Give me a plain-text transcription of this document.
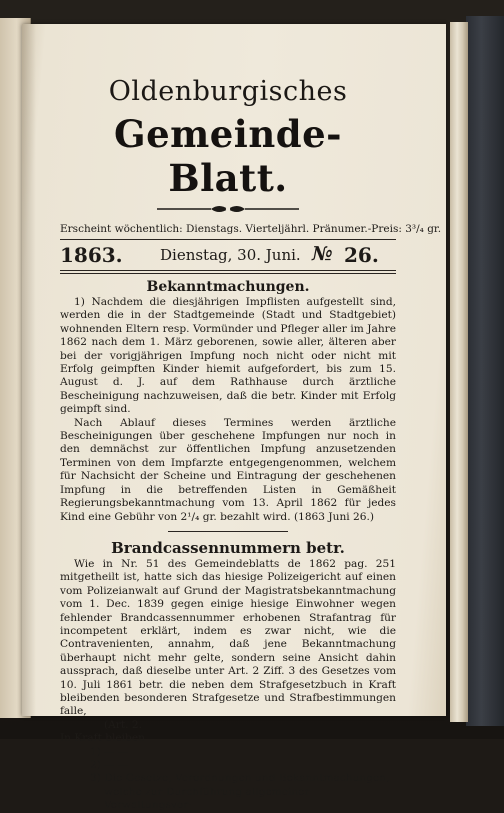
Oldenburgisches
Gemeinde-Blatt.
Erscheint wöchentlich: Dienstags. Vierteljährl. Pränumer.-Preis: 3³/₄ gr.
1863. Dienstag, 30. Juni. № 26.
Bekanntmachungen.

1) Nachdem die diesjährigen Impflisten aufgestellt sind, werden die in der Stadtgemeinde (Stadt und Stadtgebiet) wohnenden Eltern resp. Vormünder und Pfleger aller im Jahre 1862 nach dem 1. März geborenen, sowie aller, älteren aber bei der vorigjährigen Impfung noch nicht oder nicht mit Erfolg geimpften Kinder hiemit aufgefordert, bis zum 15. August d. J. auf dem Rathhause durch ärztliche Bescheinigung nachzuweisen, daß die betr. Kinder mit Erfolg geimpft sind.

Nach Ablauf dieses Termines werden ärztliche Bescheinigungen über geschehene Impfungen nur noch in den demnächst zur öffentlichen Impfung anzusetzenden Terminen von dem Impfarzte entgegengenommen, welchem für Nachsicht der Scheine und Eintragung der geschehenen Impfung in die betreffenden Listen in Gemäßheit Regierungsbekanntmachung vom 13. April 1862 für jedes Kind eine Gebühr von 2¹/₄ gr. bezahlt wird. (1863 Juni 26.)

Brandcassennummern betr.

Wie in Nr. 51 des Gemeindeblatts de 1862 pag. 251 mitgetheilt ist, hatte sich das hiesige Polizeigericht auf einen vom Polizeianwalt auf Grund der Magistratsbekanntmachung vom 1. Dec. 1839 gegen einige hiesige Einwohner wegen fehlender Brandcassennummer erhobenen Strafantrag für incompetent erklärt, indem es zwar nicht, wie die Contravenienten, annahm, daß jene Bekanntmachung überhaupt nicht mehr gelte, sondern seine Ansicht dahin aussprach, daß dieselbe unter Art. 2 Ziff. 3 des Gesetzes vom 10. Juli 1861 betr. die neben dem Strafgesetzbuch in Kraft bleibenden besonderen Strafgesetze und Strafbestimmungen falle,

(Art. 2.

In Kraft bleiben

1) — —

2) — —

3) Die Gesetze, Verordnungen und Bekanntmachungen,

welche zur Durchführung allgemeiner Verwaltungsvor-
